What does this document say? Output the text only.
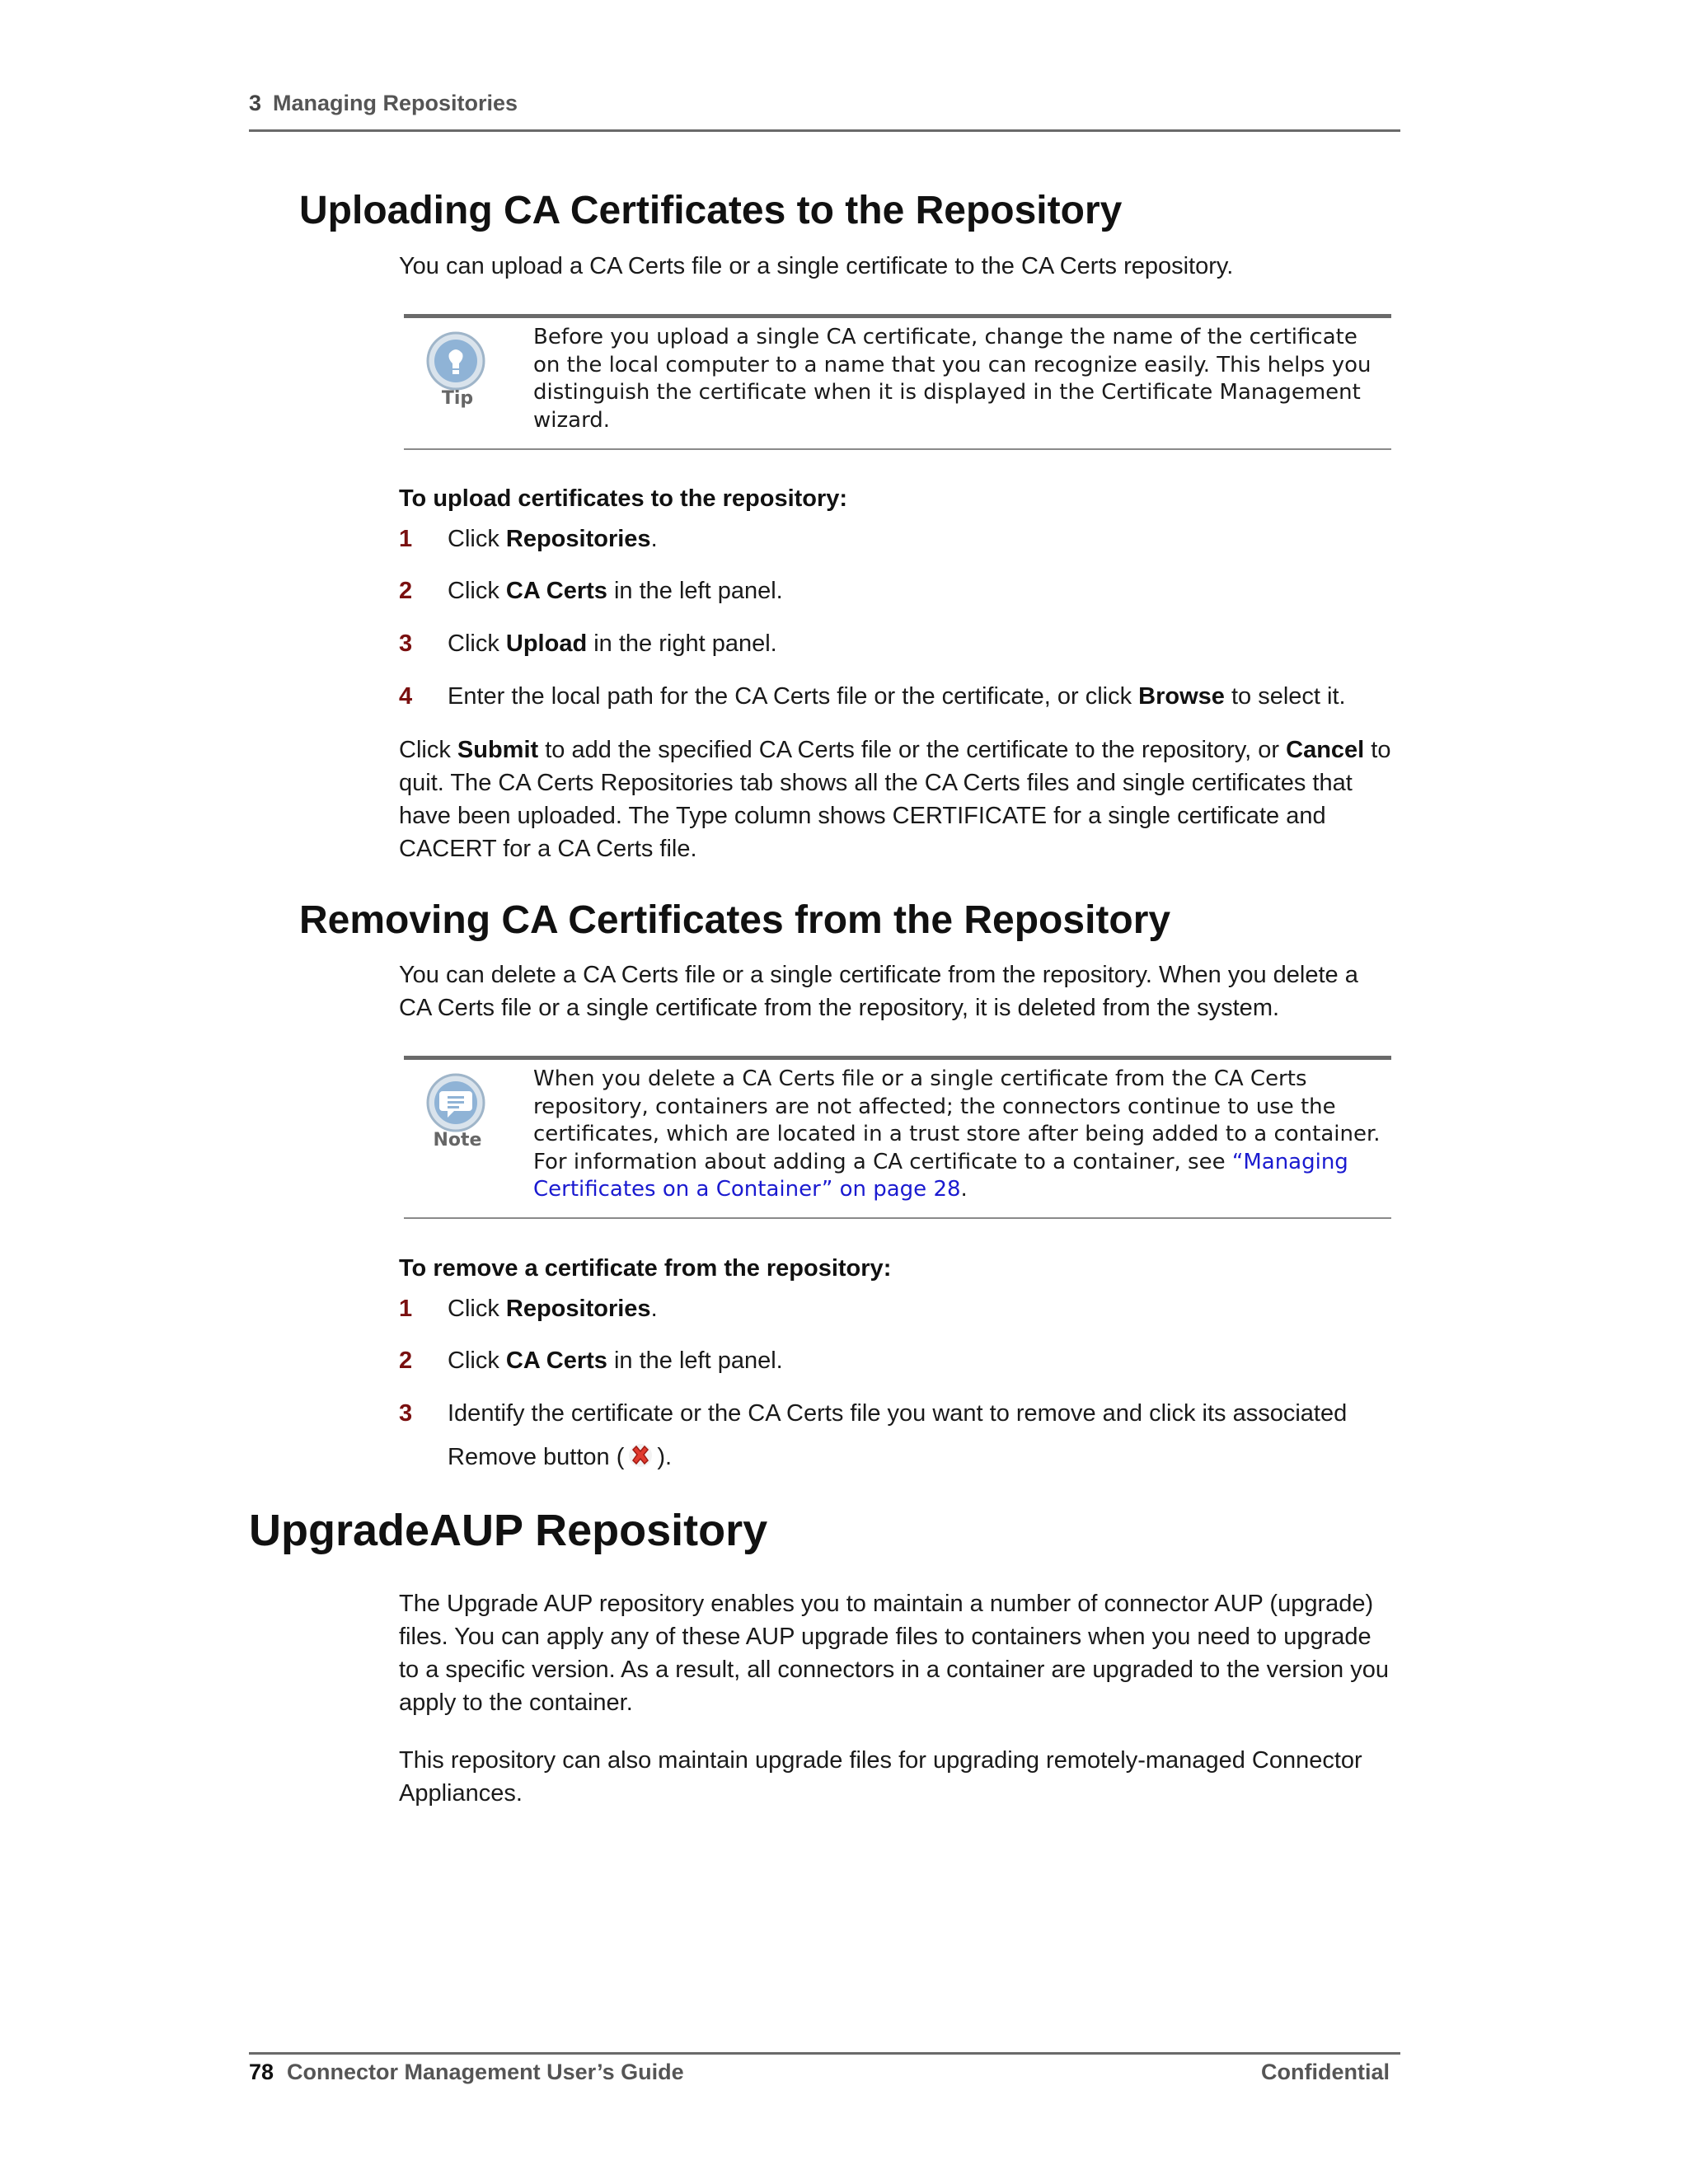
3 Managing Repositories
Uploading CA Certificates to the Repository

You can upload a CA Certs file or a single certificate to the CA Certs repository.

Tip
Before you upload a single CA certificate, change the name of the certificate on the local computer to a name that you can recognize easily. This helps you distinguish the certificate when it is displayed in the Certificate Management wizard.
To upload certificates to the repository:
1 Click Repositories.
2 Click CA Certs in the left panel.
3 Click Upload in the right panel.
4 Enter the local path for the CA Certs file or the certificate, or click Browse to select it.

Click Submit to add the specified CA Certs file or the certificate to the repository, or Cancel to quit. The CA Certs Repositories tab shows all the CA Certs files and single certificates that have been uploaded. The Type column shows CERTIFICATE for a single certificate and CACERT for a CA Certs file.

Removing CA Certificates from the Repository

You can delete a CA Certs file or a single certificate from the repository. When you delete a CA Certs file or a single certificate from the repository, it is deleted from the system.

Note
When you delete a CA Certs file or a single certificate from the CA Certs repository, containers are not affected; the connectors continue to use the certificates, which are located in a trust store after being added to a container. For information about adding a CA certificate to a container, see “Managing Certificates on a Container” on page 28.
To remove a certificate from the repository:
1 Click Repositories.
2 Click CA Certs in the left panel.
3 Identify the certificate or the CA Certs file you want to remove and click its associated
Remove button ( ).
UpgradeAUP Repository

The Upgrade AUP repository enables you to maintain a number of connector AUP (upgrade) files. You can apply any of these AUP upgrade files to containers when you need to upgrade to a specific version. As a result, all connectors in a container are upgraded to the version you apply to the container.

This repository can also maintain upgrade files for upgrading remotely-managed Connector Appliances.

78 Connector Management User’s Guide	Confidential
